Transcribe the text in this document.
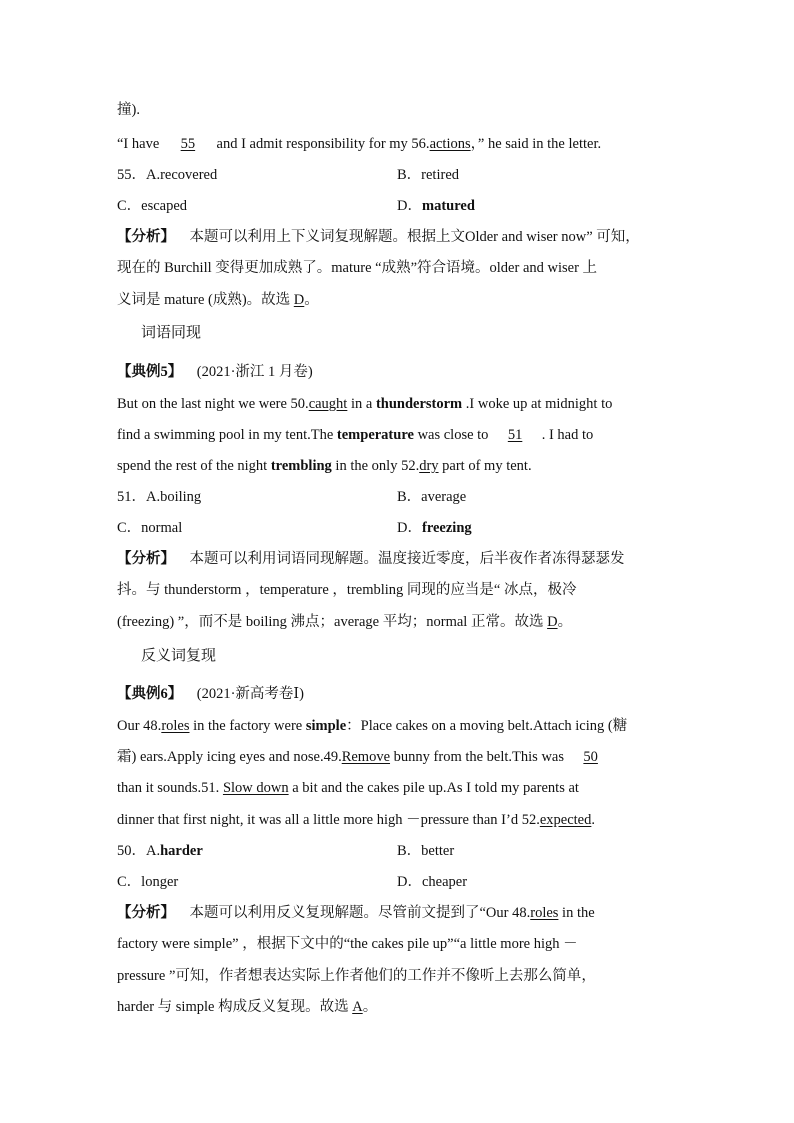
撞).
“I have 55 and I admit responsibility for my 56.actions，” he said in the letter.
55．A.recovered	B．retired
C．escaped	D．matured
【分析】 本题可以利用上下义词复现解题。根据上文Older and wiser now” 可知，
现在的 Burchill 变得更加成熟了。mature “成熟”符合语境。older and wiser 上
义词是 mature (成熟)。故选 D。
词语同现
【典例5】 (2021·浙江 1 月卷)
But on the last night we were 50.caught in a thunderstorm .I woke up at midnight to
find a swimming pool in my tent.The temperature was close to 51 . I had to
spend the rest of the night trembling in the only 52.dry part of my tent.
51．A.boiling	B．average
C．normal	D．freezing
【分析】 本题可以利用词语同现解题。温度接近零度，后半夜作者冻得瑟瑟发
抖。与 thunderstorm ，temperature ，trembling 同现的应当是“ 冰点，极冷
(freezing) ”，而不是 boiling 沸点；average 平均；normal 正常。故选 D。
反义词复现
【典例6】 (2021·新高考卷Ⅰ)
Our 48.roles in the factory were simple：Place cakes on a moving belt.Attach icing (糖
霜) ears.Apply icing eyes and nose.49.Remove bunny from the belt.This was 50
than it sounds.51. Slow down a bit and the cakes pile up.As I told my parents at
dinner that first night, it was all a little more high －pressure than I’d 52.expected.
50．A.harder	B．better
C．longer	D．cheaper
【分析】 本题可以利用反义复现解题。尽管前文提到了“Our 48.roles in the
factory were simple” ，根据下文中的“the cakes pile up”“a little more high －
pressure ”可知，作者想表达实际上作者他们的工作并不像听上去那么简单，
harder 与 simple 构成反义复现。故选 A。
